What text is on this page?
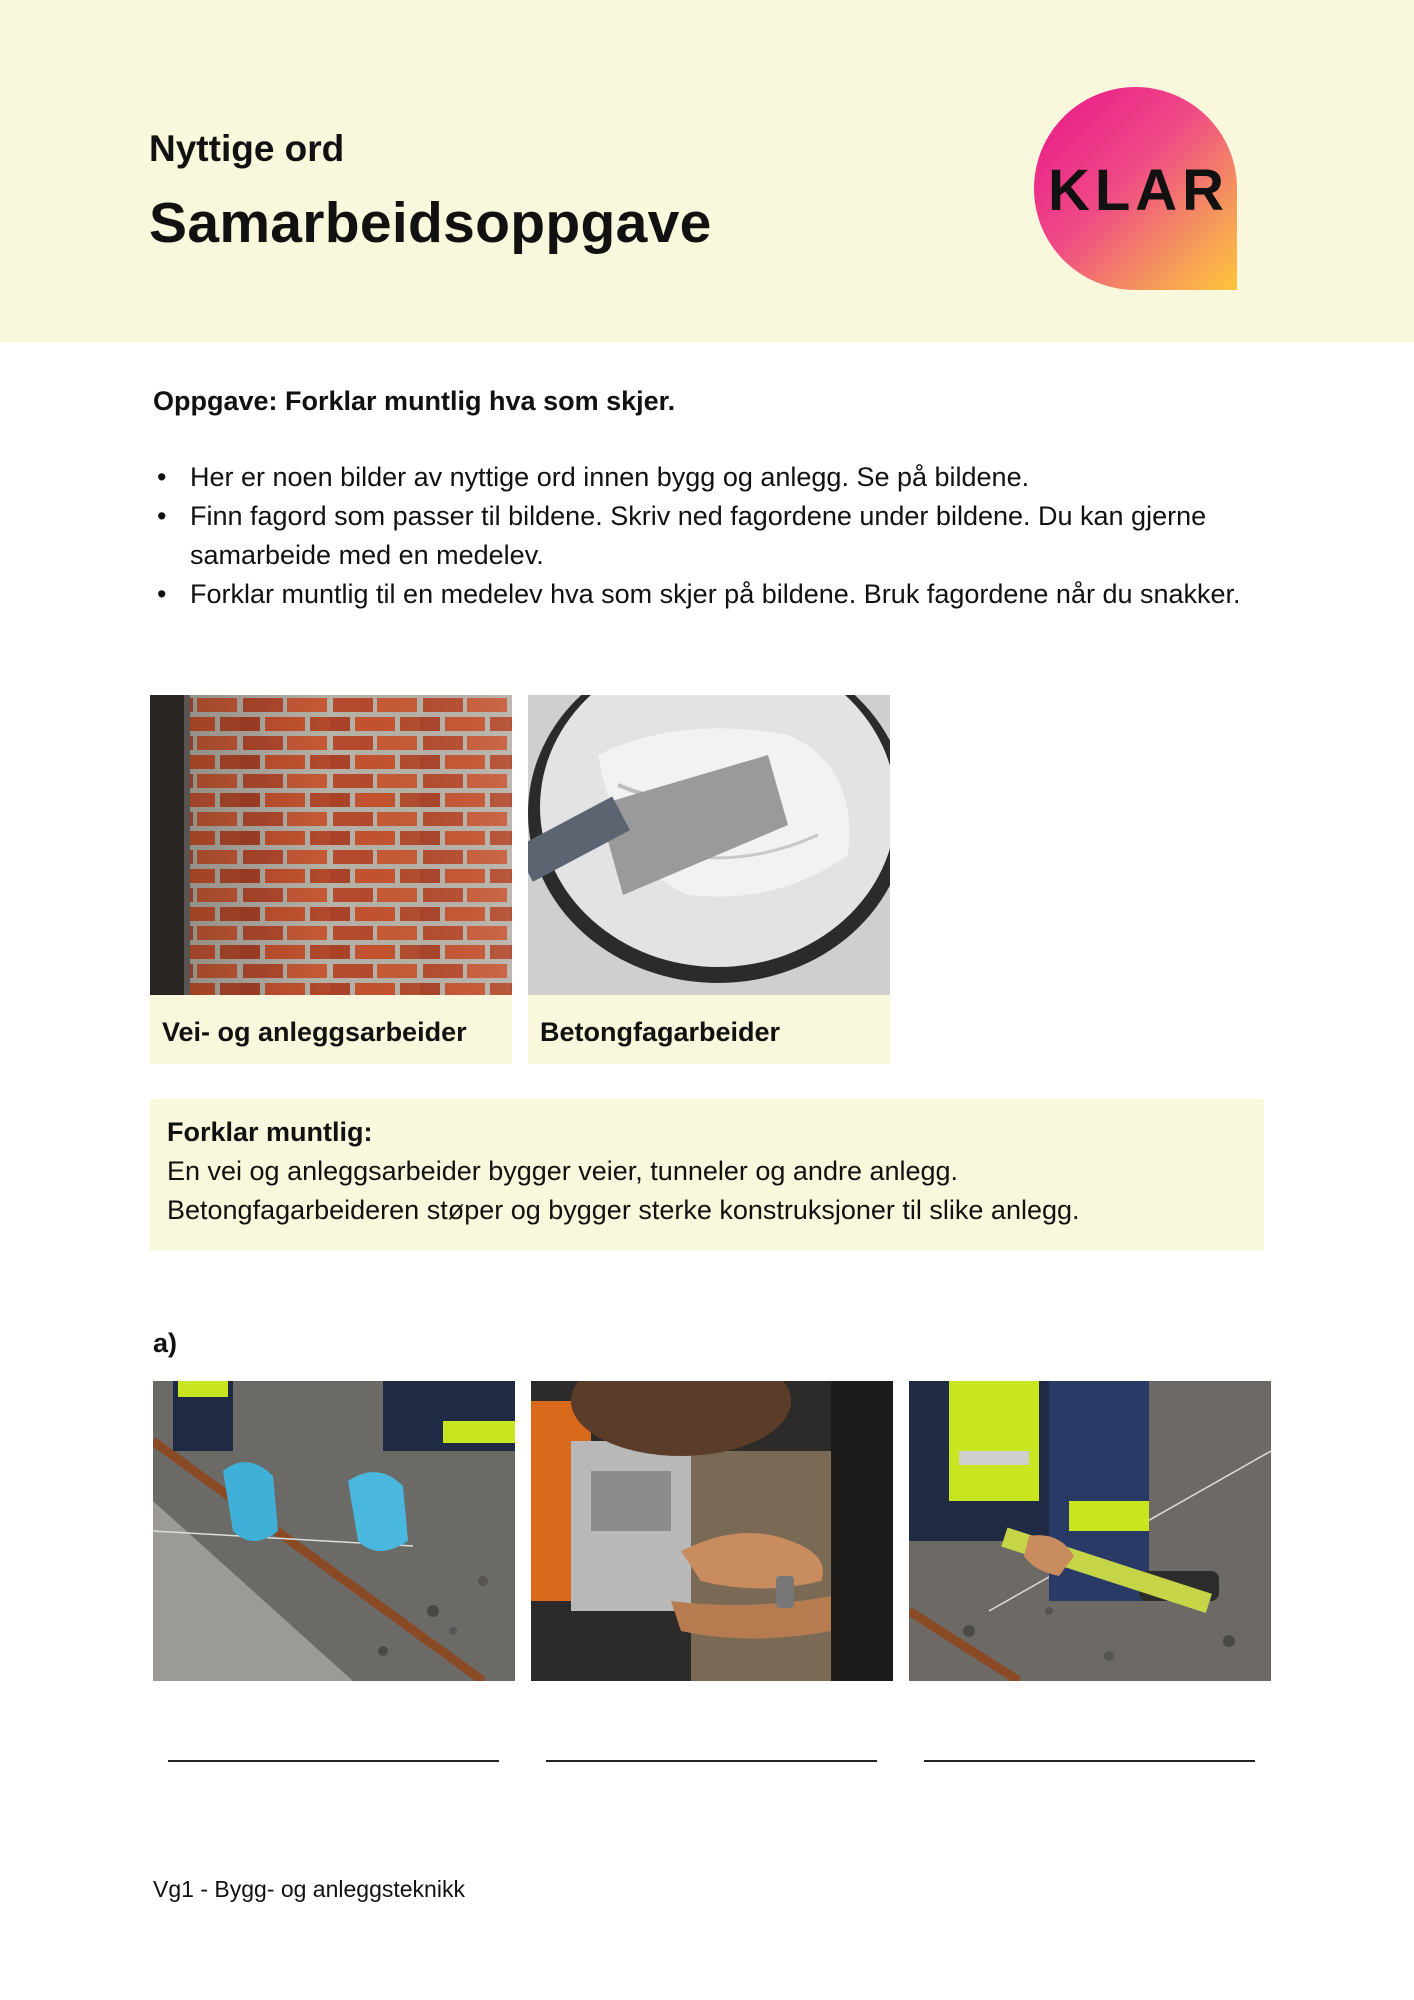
Nyttige ord
Samarbeidsoppgave	KLAR

Oppgave: Forklar muntlig hva som skjer.

• Her er noen bilder av nyttige ord innen bygg og anlegg. Se på bildene.
• Finn fagord som passer til bildene. Skriv ned fagordene under bildene. Du kan gjerne samarbeide med en medelev.
• Forklar muntlig til en medelev hva som skjer på bildene. Bruk fagordene når du snakker.
Vei- og anleggsarbeider	Betongfagarbeider
Forklar muntlig:
En vei og anleggsarbeider bygger veier, tunneler og andre anlegg.
Betongfagarbeideren støper og bygger sterke konstruksjoner til slike anlegg.

a)

Vg1 - Bygg- og anleggsteknikk
